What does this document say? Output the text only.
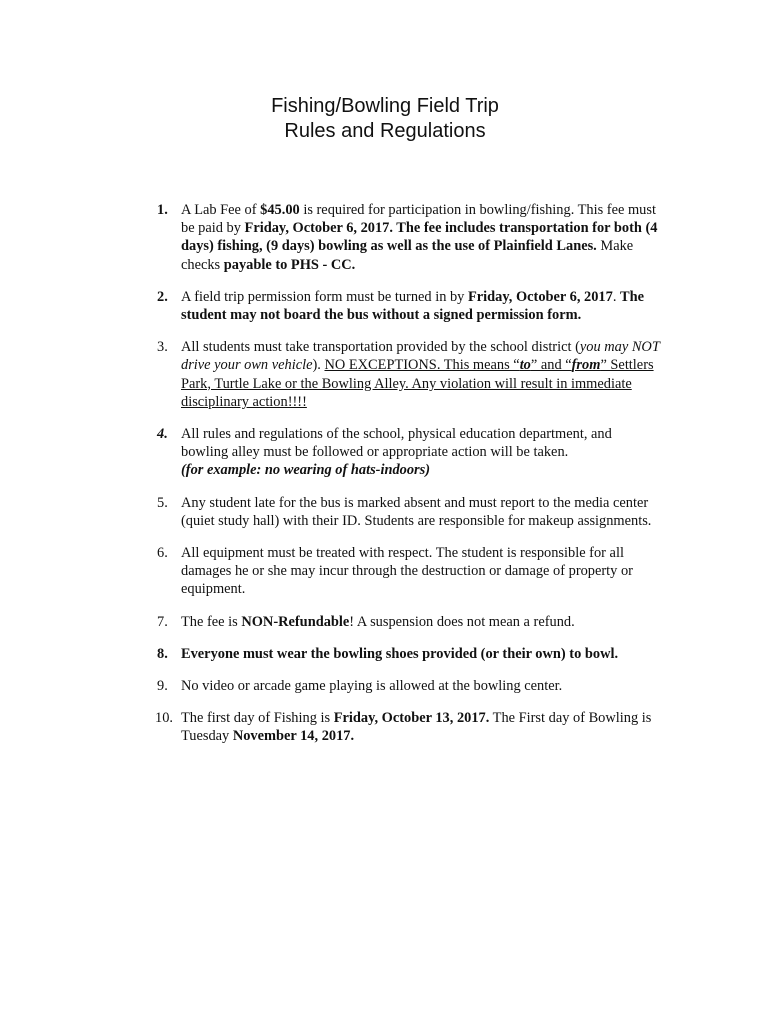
Fishing/Bowling Field Trip
Rules and Regulations
1. A Lab Fee of $45.00 is required for participation in bowling/fishing. This fee must be paid by Friday, October 6, 2017. The fee includes transportation for both (4 days) fishing, (9 days) bowling as well as the use of Plainfield Lanes. Make checks payable to PHS - CC.
2. A field trip permission form must be turned in by Friday, October 6, 2017. The student may not board the bus without a signed permission form.
3. All students must take transportation provided by the school district (you may NOT drive your own vehicle). NO EXCEPTIONS. This means “to” and “from” Settlers Park, Turtle Lake or the Bowling Alley. Any violation will result in immediate disciplinary action!!!!
4. All rules and regulations of the school, physical education department, and bowling alley must be followed or appropriate action will be taken.
(for example: no wearing of hats-indoors)
5. Any student late for the bus is marked absent and must report to the media center (quiet study hall) with their ID. Students are responsible for makeup assignments.
6. All equipment must be treated with respect. The student is responsible for all damages he or she may incur through the destruction or damage of property or equipment.
7. The fee is NON-Refundable! A suspension does not mean a refund.
8. Everyone must wear the bowling shoes provided (or their own) to bowl.
9. No video or arcade game playing is allowed at the bowling center.
10. The first day of Fishing is Friday, October 13, 2017. The First day of Bowling is Tuesday November 14, 2017.
